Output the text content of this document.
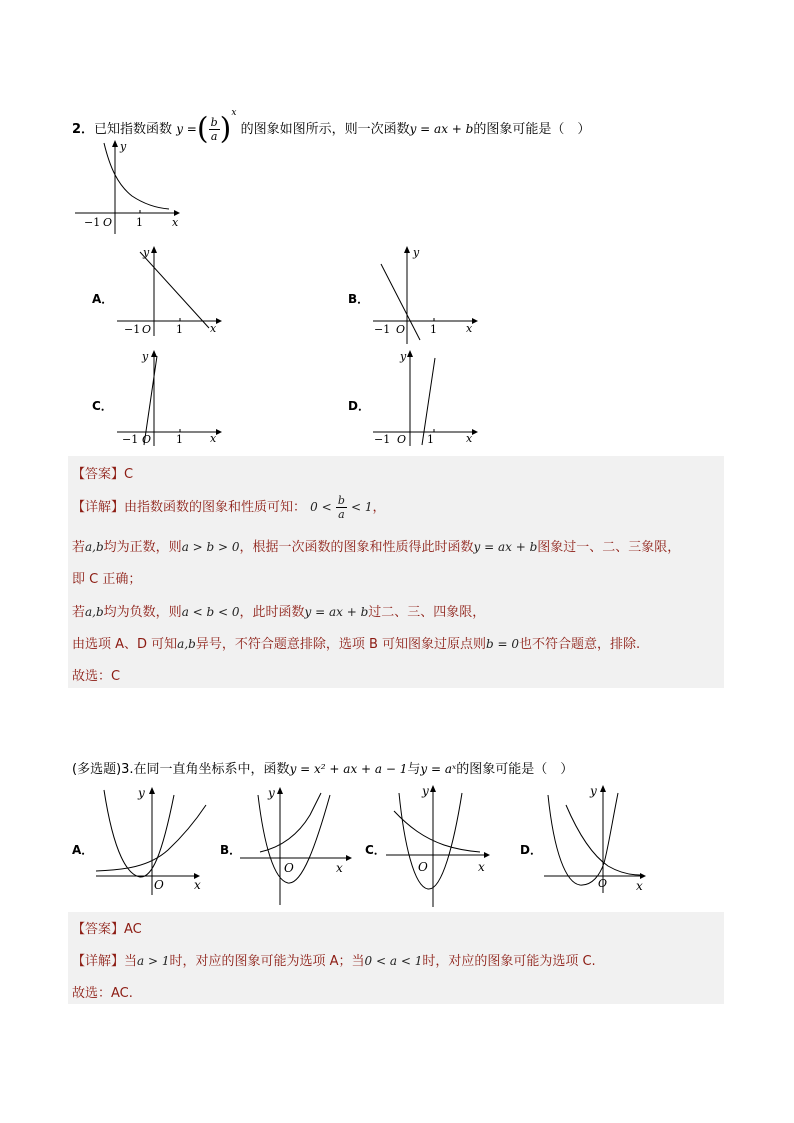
2．已知指数函数 y =( $\frac{b}{a})^x$ 的图象如图所示，则一次函数y = ax + b的图象可能是（　）
y
x
−1 O 1
A．
y
x
−1 O 1
B．
y
x
−1 O 1
C．
y
x
−1 O 1
D．
y
x
−1 O 1
【答案】C
【详解】由指数函数的图象和性质可知： $0 < \frac{b}{a} < 1$，
若a,b均为正数，则a > b > 0，根据一次函数的图象和性质得此时函数y = ax + b图象过一、二、三象限，
即 C 正确；
若a,b均为负数，则a < b < 0，此时函数y = ax + b过二、三、四象限，
由选项 A、D 可知a,b异号，不符合题意排除，选项 B 可知图象过原点则b = 0也不符合题意，排除.
故选：C
(多选题)3.在同一直角坐标系中，函数y = x² + ax + a − 1与y = aˣ的图象可能是（　）
A．
y
x
O
B．
y
x
O
C．
y
x
O
D．
y
x
O
【答案】AC
【详解】当a > 1时，对应的图象可能为选项 A；当0 < a < 1时，对应的图象可能为选项 C.
故选：AC.
